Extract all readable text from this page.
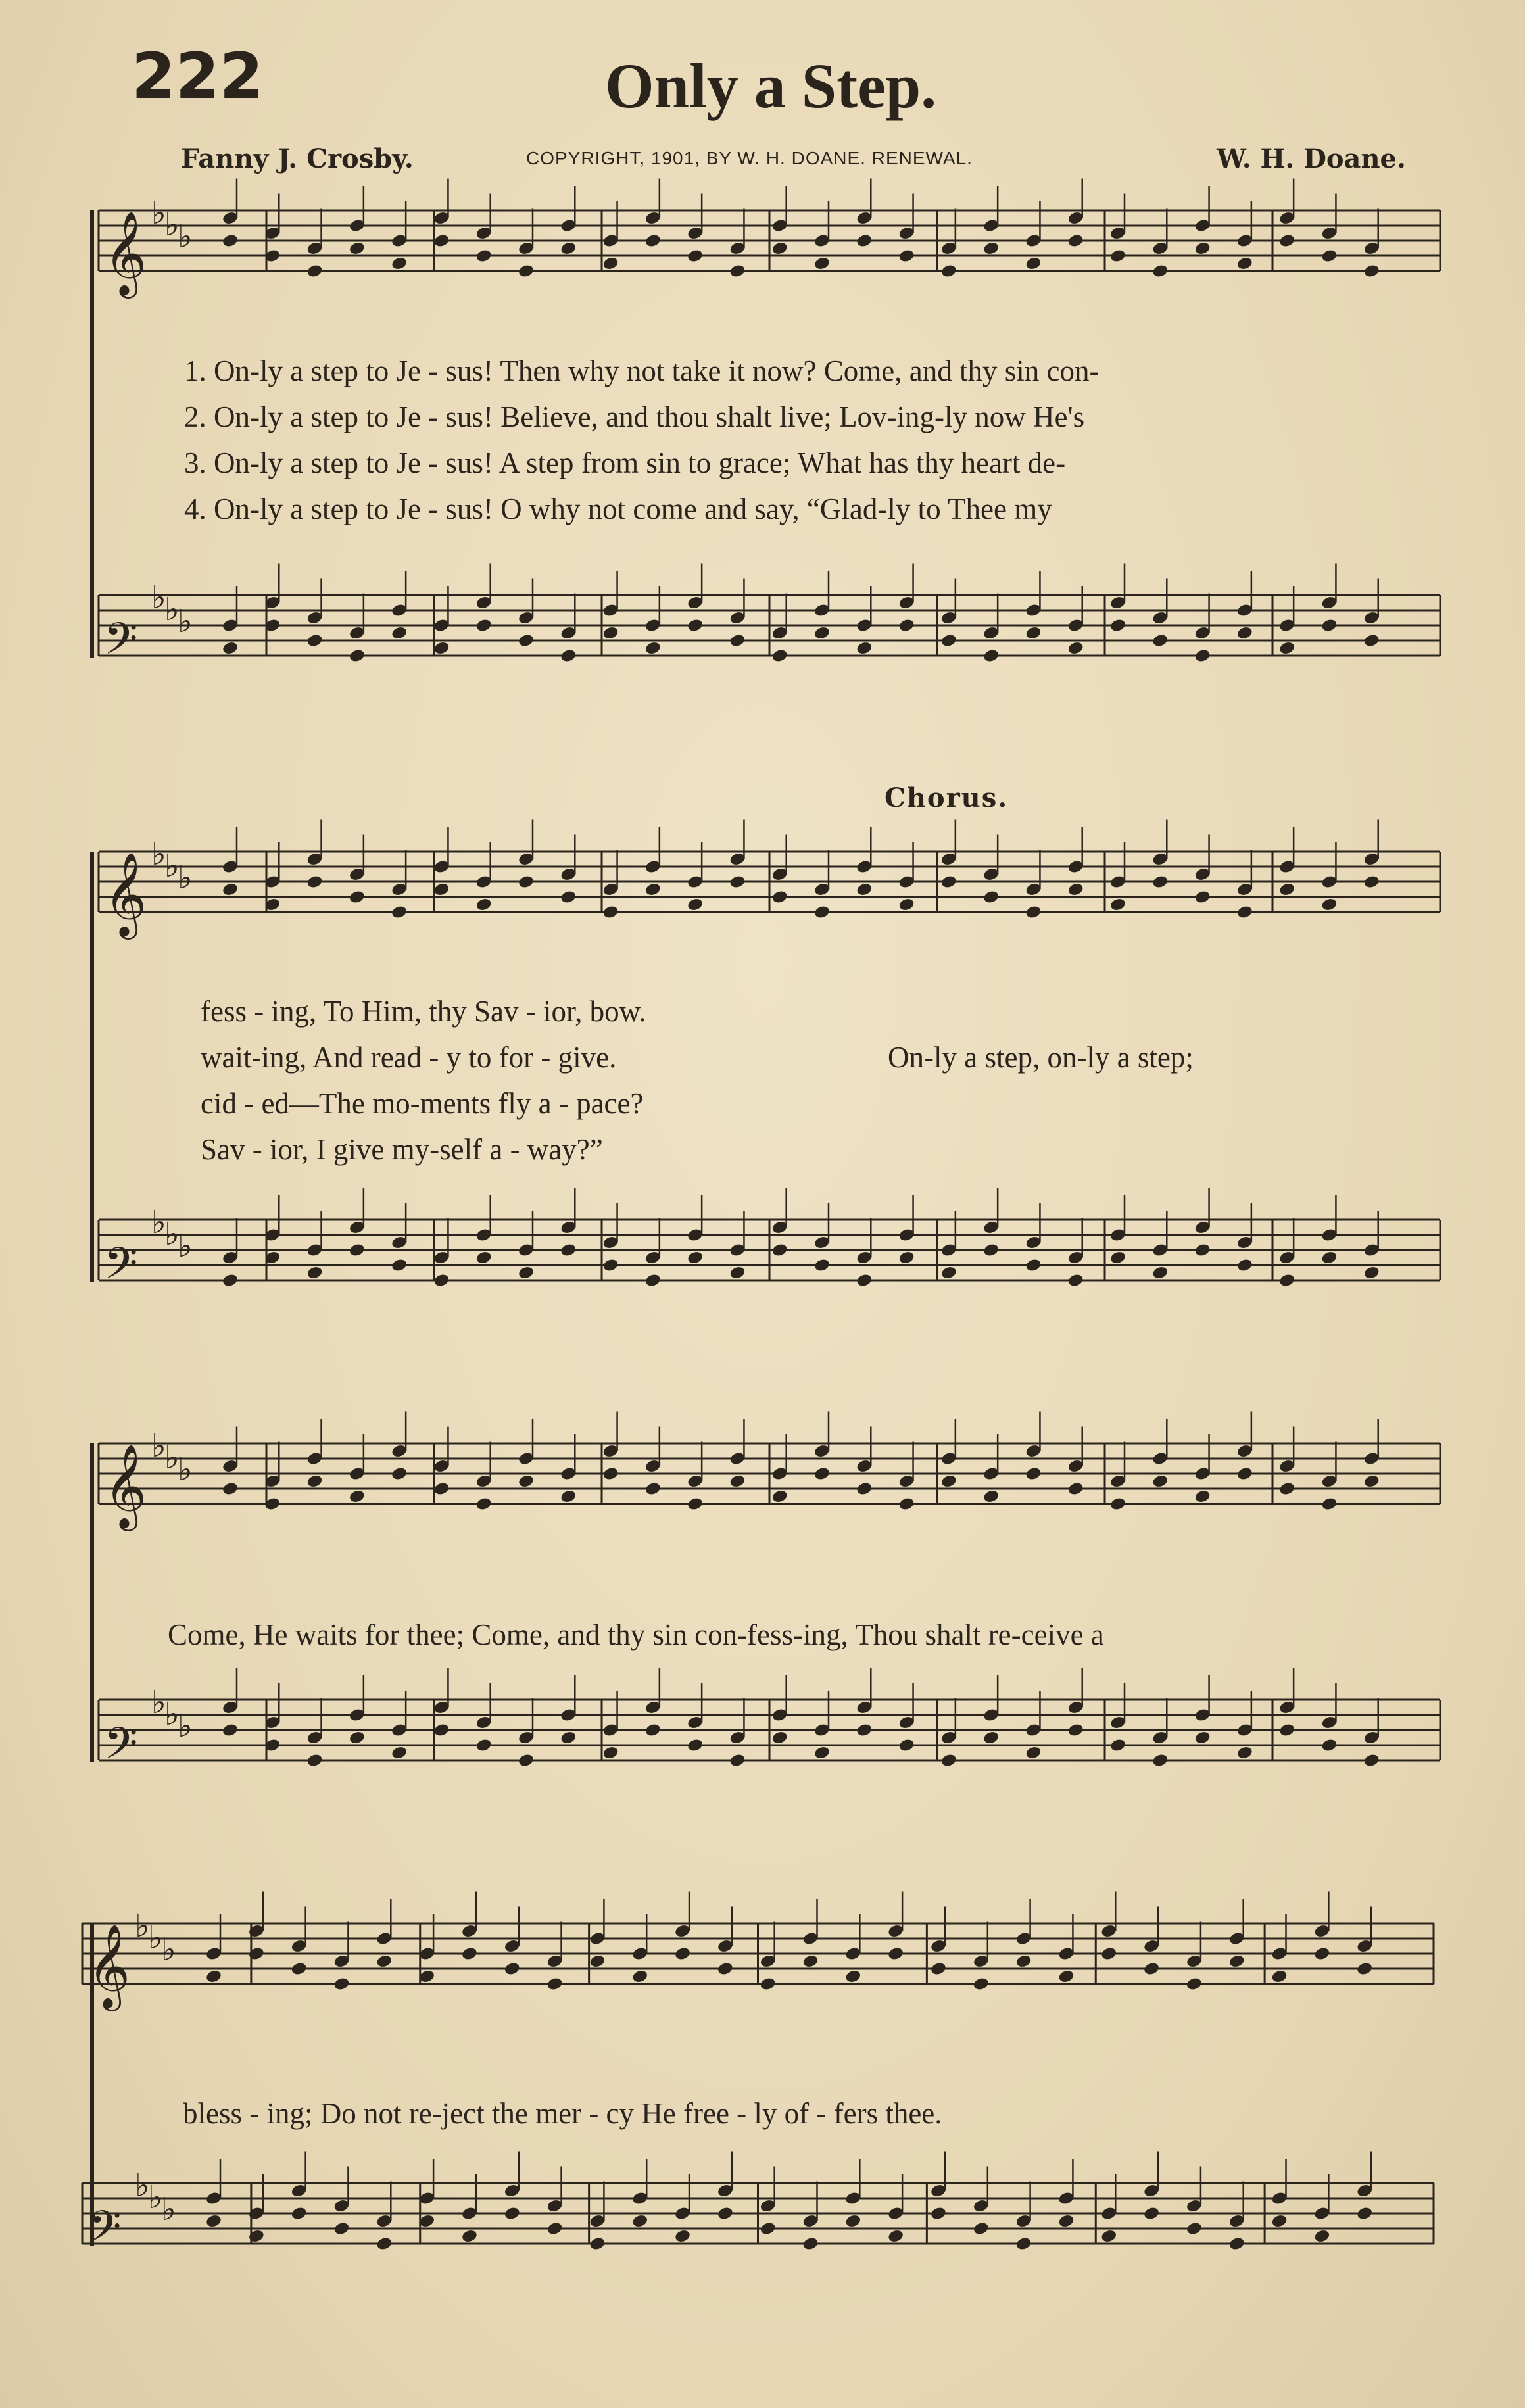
222	Only a Step.
Fanny J. Crosby.	COPYRIGHT, 1901, BY W. H. DOANE. RENEWAL.	W. H. Doane.
𝄞 ♭
♭
♭
𝄢
♭
♭
♭
𝄞 ♭
♭
♭
𝄢
♭
♭
♭
𝄞 ♭
♭
♭
𝄢
♭
♭
♭
𝄞 ♭
♭
♭
𝄢
♭
♭
♭
1. On-ly a step to Je - sus! Then why not take it now? Come, and thy sin con-
2. On-ly a step to Je - sus! Believe, and thou shalt live; Lov-ing-ly now He's
3. On-ly a step to Je - sus! A step from sin to grace; What has thy heart de-
4. On-ly a step to Je - sus! O why not come and say, “Glad-ly to Thee my
Chorus.
fess - ing, To Him, thy Sav - ior, bow.
wait-ing, And read - y to for - give.
cid - ed—The mo-ments fly a - pace?
Sav - ior, I give my-self a - way?”
On-ly a step, on-ly a step;
Come, He waits for thee; Come, and thy sin con-fess-ing, Thou shalt re-ceive a
bless - ing; Do not re-ject the mer - cy He free - ly of - fers thee.
